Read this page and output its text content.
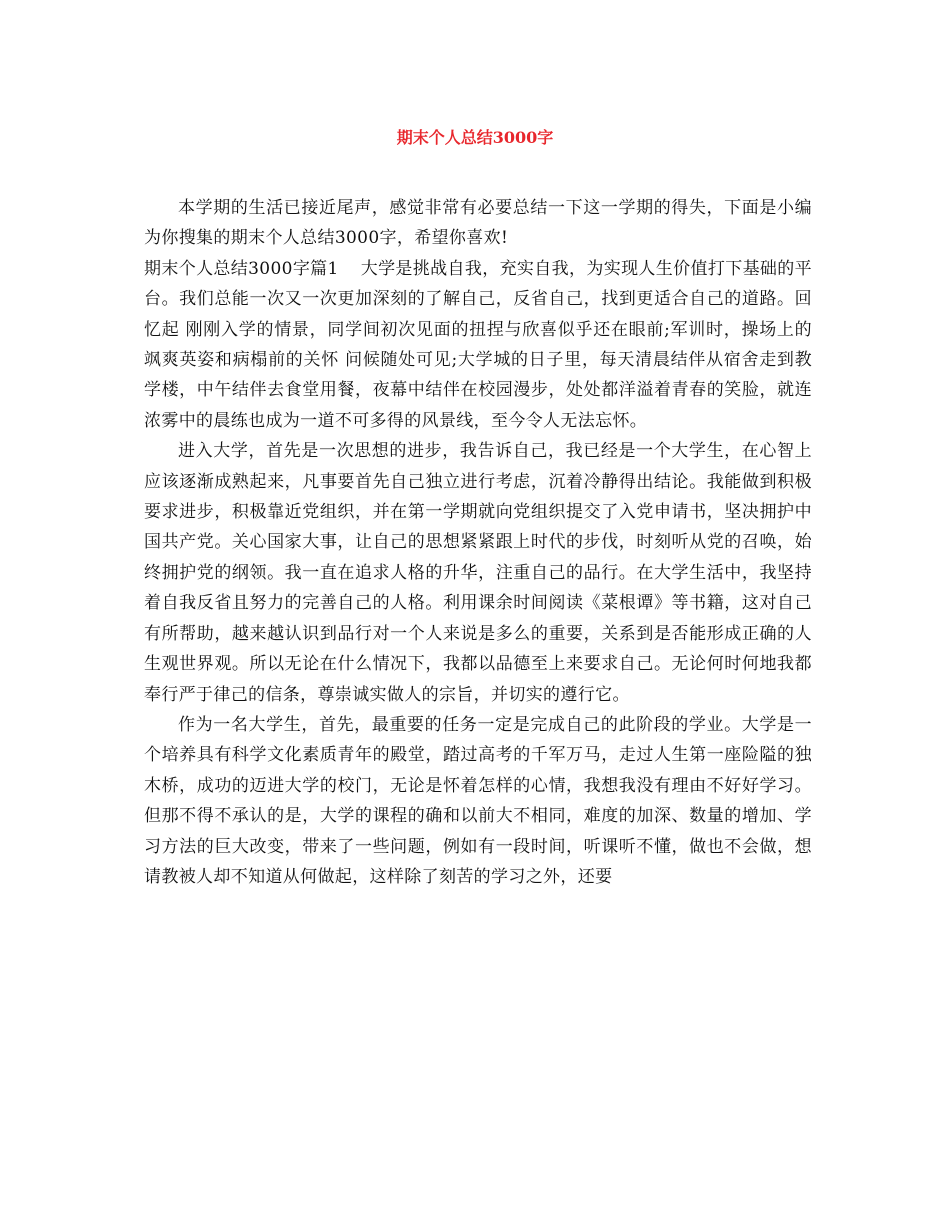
期末个人总结3000字

本学期的生活已接近尾声，感觉非常有必要总结一下这一学期的得失，下面是小编为你搜集的期末个人总结3000字，希望你喜欢!

期末个人总结3000字篇1 大学是挑战自我，充实自我，为实现人生价值打下基础的平台。我们总能一次又一次更加深刻的了解自己，反省自己，找到更适合自己的道路。回忆起 刚刚入学的情景，同学间初次见面的扭捏与欣喜似乎还在眼前;军训时，操场上的飒爽英姿和病榻前的关怀 问候随处可见;大学城的日子里，每天清晨结伴从宿舍走到教学楼，中午结伴去食堂用餐，夜幕中结伴在校园漫步，处处都洋溢着青春的笑脸，就连浓雾中的晨练也成为一道不可多得的风景线，至今令人无法忘怀。

进入大学，首先是一次思想的进步，我告诉自己，我已经是一个大学生，在心智上应该逐渐成熟起来，凡事要首先自己独立进行考虑，沉着冷静得出结论。我能做到积极要求进步，积极靠近党组织，并在第一学期就向党组织提交了入党申请书，坚决拥护中国共产党。关心国家大事，让自己的思想紧紧跟上时代的步伐，时刻听从党的召唤，始终拥护党的纲领。我一直在追求人格的升华，注重自己的品行。在大学生活中，我坚持着自我反省且努力的完善自己的人格。利用课余时间阅读《菜根谭》等书籍，这对自己有所帮助，越来越认识到品行对一个人来说是多么的重要，关系到是否能形成正确的人生观世界观。所以无论在什么情况下，我都以品德至上来要求自己。无论何时何地我都奉行严于律己的信条，尊崇诚实做人的宗旨，并切实的遵行它。

作为一名大学生，首先，最重要的任务一定是完成自己的此阶段的学业。大学是一个培养具有科学文化素质青年的殿堂，踏过高考的千军万马，走过人生第一座险隘的独木桥，成功的迈进大学的校门，无论是怀着怎样的心情，我想我没有理由不好好学习。但那不得不承认的是，大学的课程的确和以前大不相同，难度的加深、数量的增加、学习方法的巨大改变，带来了一些问题，例如有一段时间，听课听不懂，做也不会做，想请教被人却不知道从何做起，这样除了刻苦的学习之外，还要
